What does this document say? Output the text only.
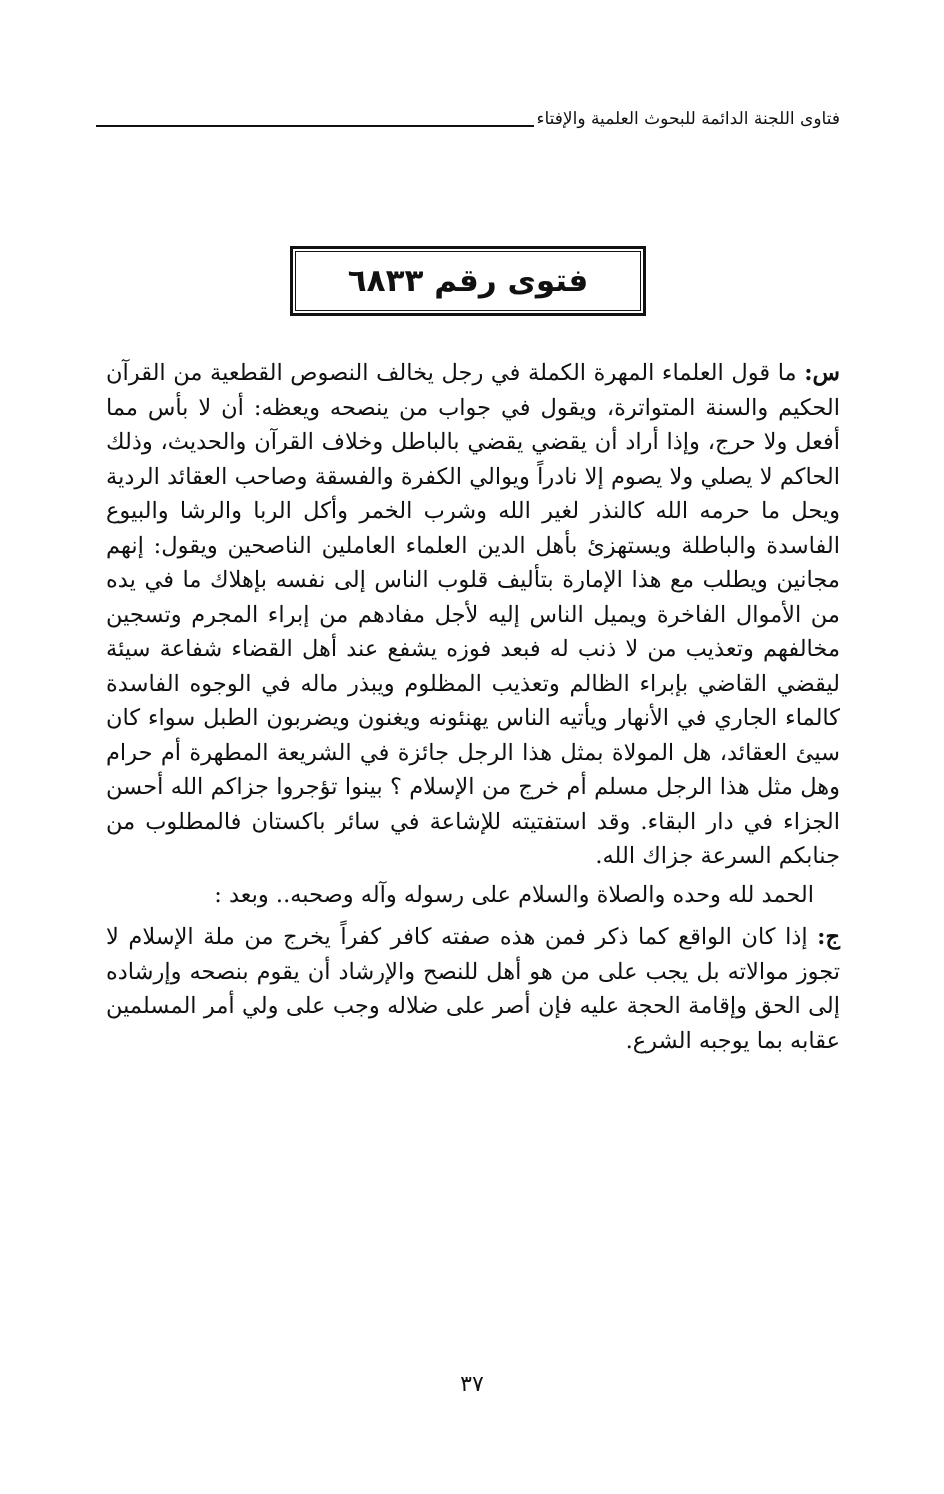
فتاوى اللجنة الدائمة للبحوث العلمية والإفتاء
فتوى رقم ٦٨٣٣

س: ما قول العلماء المهرة الكملة في رجل يخالف النصوص القطعية من القرآن الحكيم والسنة المتواترة، ويقول في جواب من ينصحه ويعظه: أن لا بأس مما أفعل ولا حرج، وإذا أراد أن يقضي يقضي بالباطل وخلاف القرآن والحديث، وذلك الحاكم لا يصلي ولا يصوم إلا نادراً ويوالي الكفرة والفسقة وصاحب العقائد الردية ويحل ما حرمه الله كالنذر لغير الله وشرب الخمر وأكل الربا والرشا والبيوع الفاسدة والباطلة ويستهزئ بأهل الدين العلماء العاملين الناصحين ويقول: إنهم مجانين ويطلب مع هذا الإمارة بتأليف قلوب الناس إلى نفسه بإهلاك ما في يده من الأموال الفاخرة ويميل الناس إليه لأجل مفادهم من إبراء المجرم وتسجين مخالفهم وتعذيب من لا ذنب له فبعد فوزه يشفع عند أهل القضاء شفاعة سيئة ليقضي القاضي بإبراء الظالم وتعذيب المظلوم ويبذر ماله في الوجوه الفاسدة كالماء الجاري في الأنهار ويأتيه الناس يهنئونه ويغنون ويضربون الطبل سواء كان سيئ العقائد، هل المولاة بمثل هذا الرجل جائزة في الشريعة المطهرة أم حرام وهل مثل هذا الرجل مسلم أم خرج من الإسلام ؟ بينوا تؤجروا جزاكم الله أحسن الجزاء في دار البقاء. وقد استفتيته للإشاعة في سائر باكستان فالمطلوب من جنابكم السرعة جزاك الله.

الحمد لله وحده والصلاة والسلام على رسوله وآله وصحبه.. وبعد :

ج: إذا كان الواقع كما ذكر فمن هذه صفته كافر كفراً يخرج من ملة الإسلام لا تجوز موالاته بل يجب على من هو أهل للنصح والإرشاد أن يقوم بنصحه وإرشاده إلى الحق وإقامة الحجة عليه فإن أصر على ضلاله وجب على ولي أمر المسلمين عقابه بما يوجبه الشرع.

٣٧
